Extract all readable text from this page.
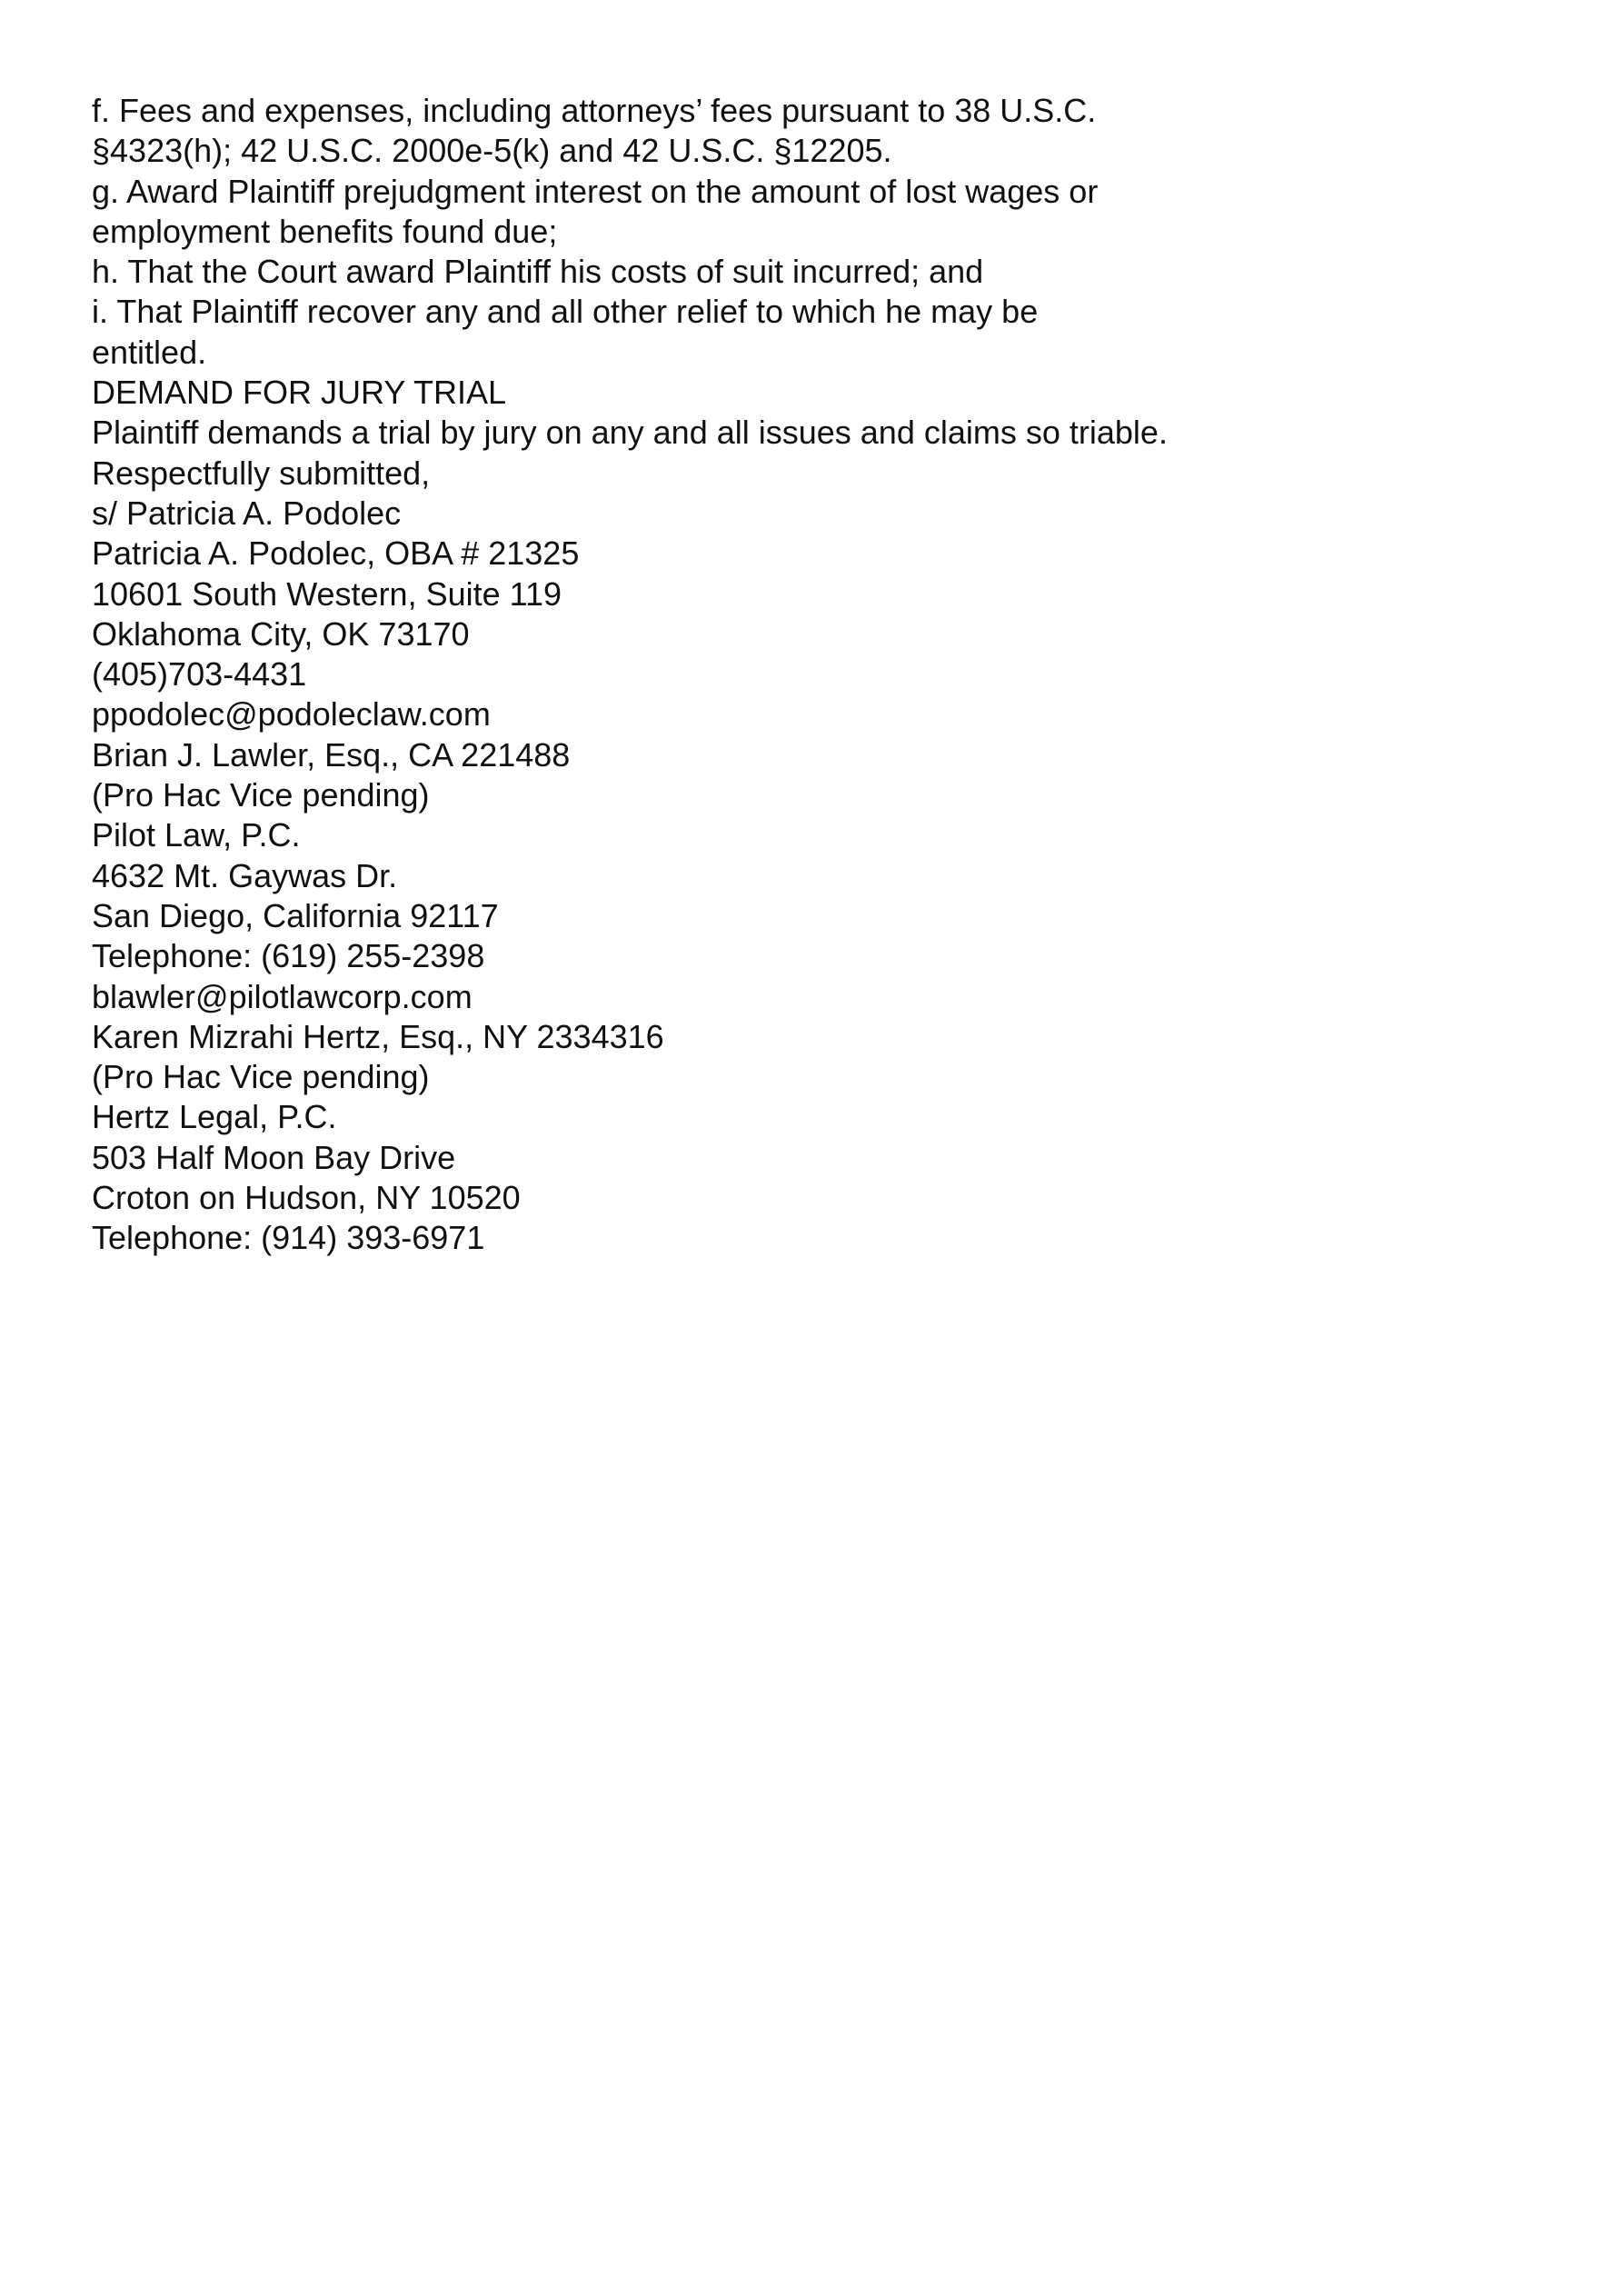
f. Fees and expenses, including attorneys’ fees pursuant to 38 U.S.C.
§4323(h); 42 U.S.C. 2000e-5(k) and 42 U.S.C. §12205.
g. Award Plaintiff prejudgment interest on the amount of lost wages or
employment benefits found due;
h. That the Court award Plaintiff his costs of suit incurred; and
i. That Plaintiff recover any and all other relief to which he may be
entitled.
DEMAND FOR JURY TRIAL
Plaintiff demands a trial by jury on any and all issues and claims so triable.
Respectfully submitted,
s/ Patricia A. Podolec
Patricia A. Podolec, OBA # 21325
10601 South Western, Suite 119
Oklahoma City, OK 73170
(405)703-4431
ppodolec@podoleclaw.com
Brian J. Lawler, Esq., CA 221488
(Pro Hac Vice pending)
Pilot Law, P.C.
4632 Mt. Gaywas Dr.
San Diego, California 92117
Telephone: (619) 255-2398
blawler@pilotlawcorp.com
Karen Mizrahi Hertz, Esq., NY 2334316
(Pro Hac Vice pending)
Hertz Legal, P.C.
503 Half Moon Bay Drive
Croton on Hudson, NY 10520
Telephone: (914) 393-6971
